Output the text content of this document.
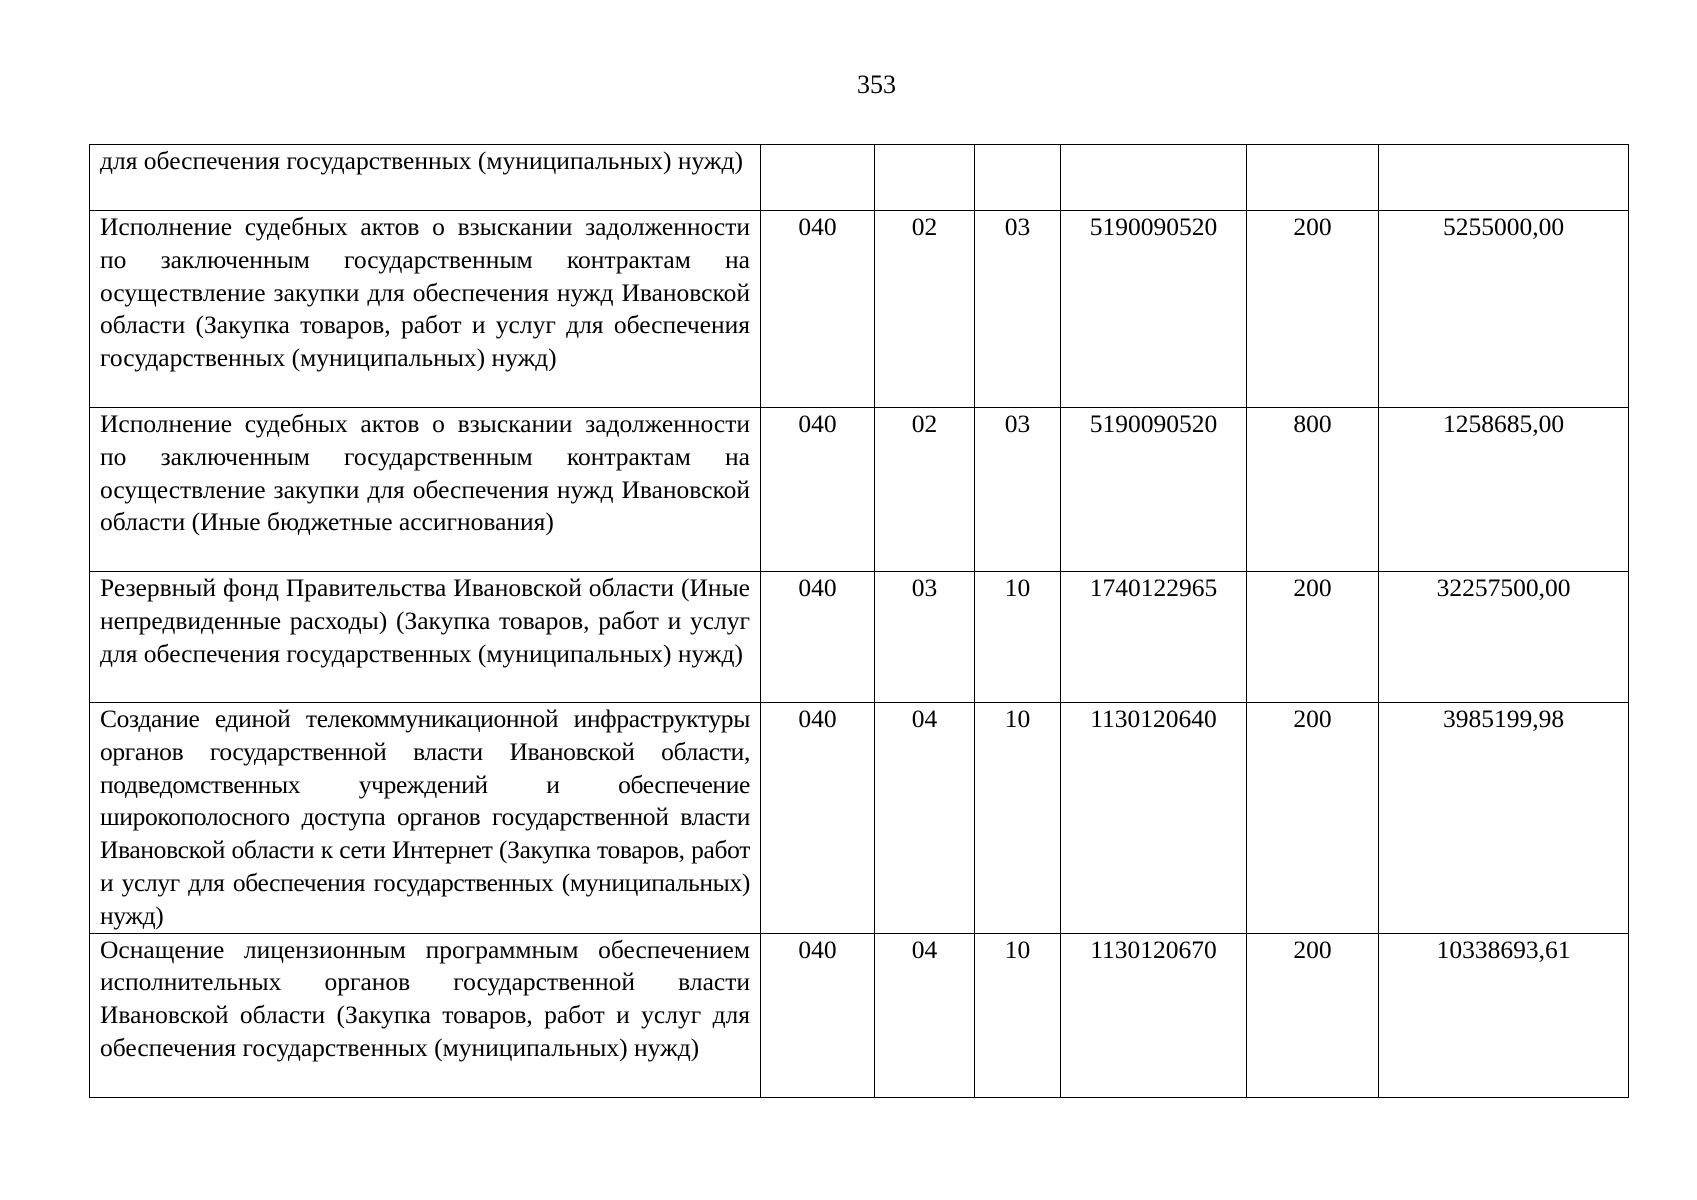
353
для обеспечения государственных (муниципальных) нужд)						
Исполнение судебных актов о взыскании задолженности по заключенным государственным контрактам на осуществление закупки для обеспечения нужд Ивановской области (Закупка товаров, работ и услуг для обеспечения государственных (муниципальных) нужд)	040	02	03	5190090520	200	5255000,00
Исполнение судебных актов о взыскании задолженности по заключенным государственным контрактам на осуществление закупки для обеспечения нужд Ивановской области (Иные бюджетные ассигнования)	040	02	03	5190090520	800	1258685,00
Резервный фонд Правительства Ивановской области (Иные непредвиденные расходы) (Закупка товаров, работ и услуг для обеспечения государственных (муниципальных) нужд)	040	03	10	1740122965	200	32257500,00
Создание единой телекоммуникационной инфраструктуры органов государственной власти Ивановской области, подведомственных учреждений и обеспечение широкополосного доступа органов государственной власти Ивановской области к сети Интернет (Закупка товаров, работ и услуг для обеспечения государственных (муниципальных) нужд)	040	04	10	1130120640	200	3985199,98
Оснащение лицензионным программным обеспечением исполнительных органов государственной власти Ивановской области (Закупка товаров, работ и услуг для обеспечения государственных (муниципальных) нужд)	040	04	10	1130120670	200	10338693,61
